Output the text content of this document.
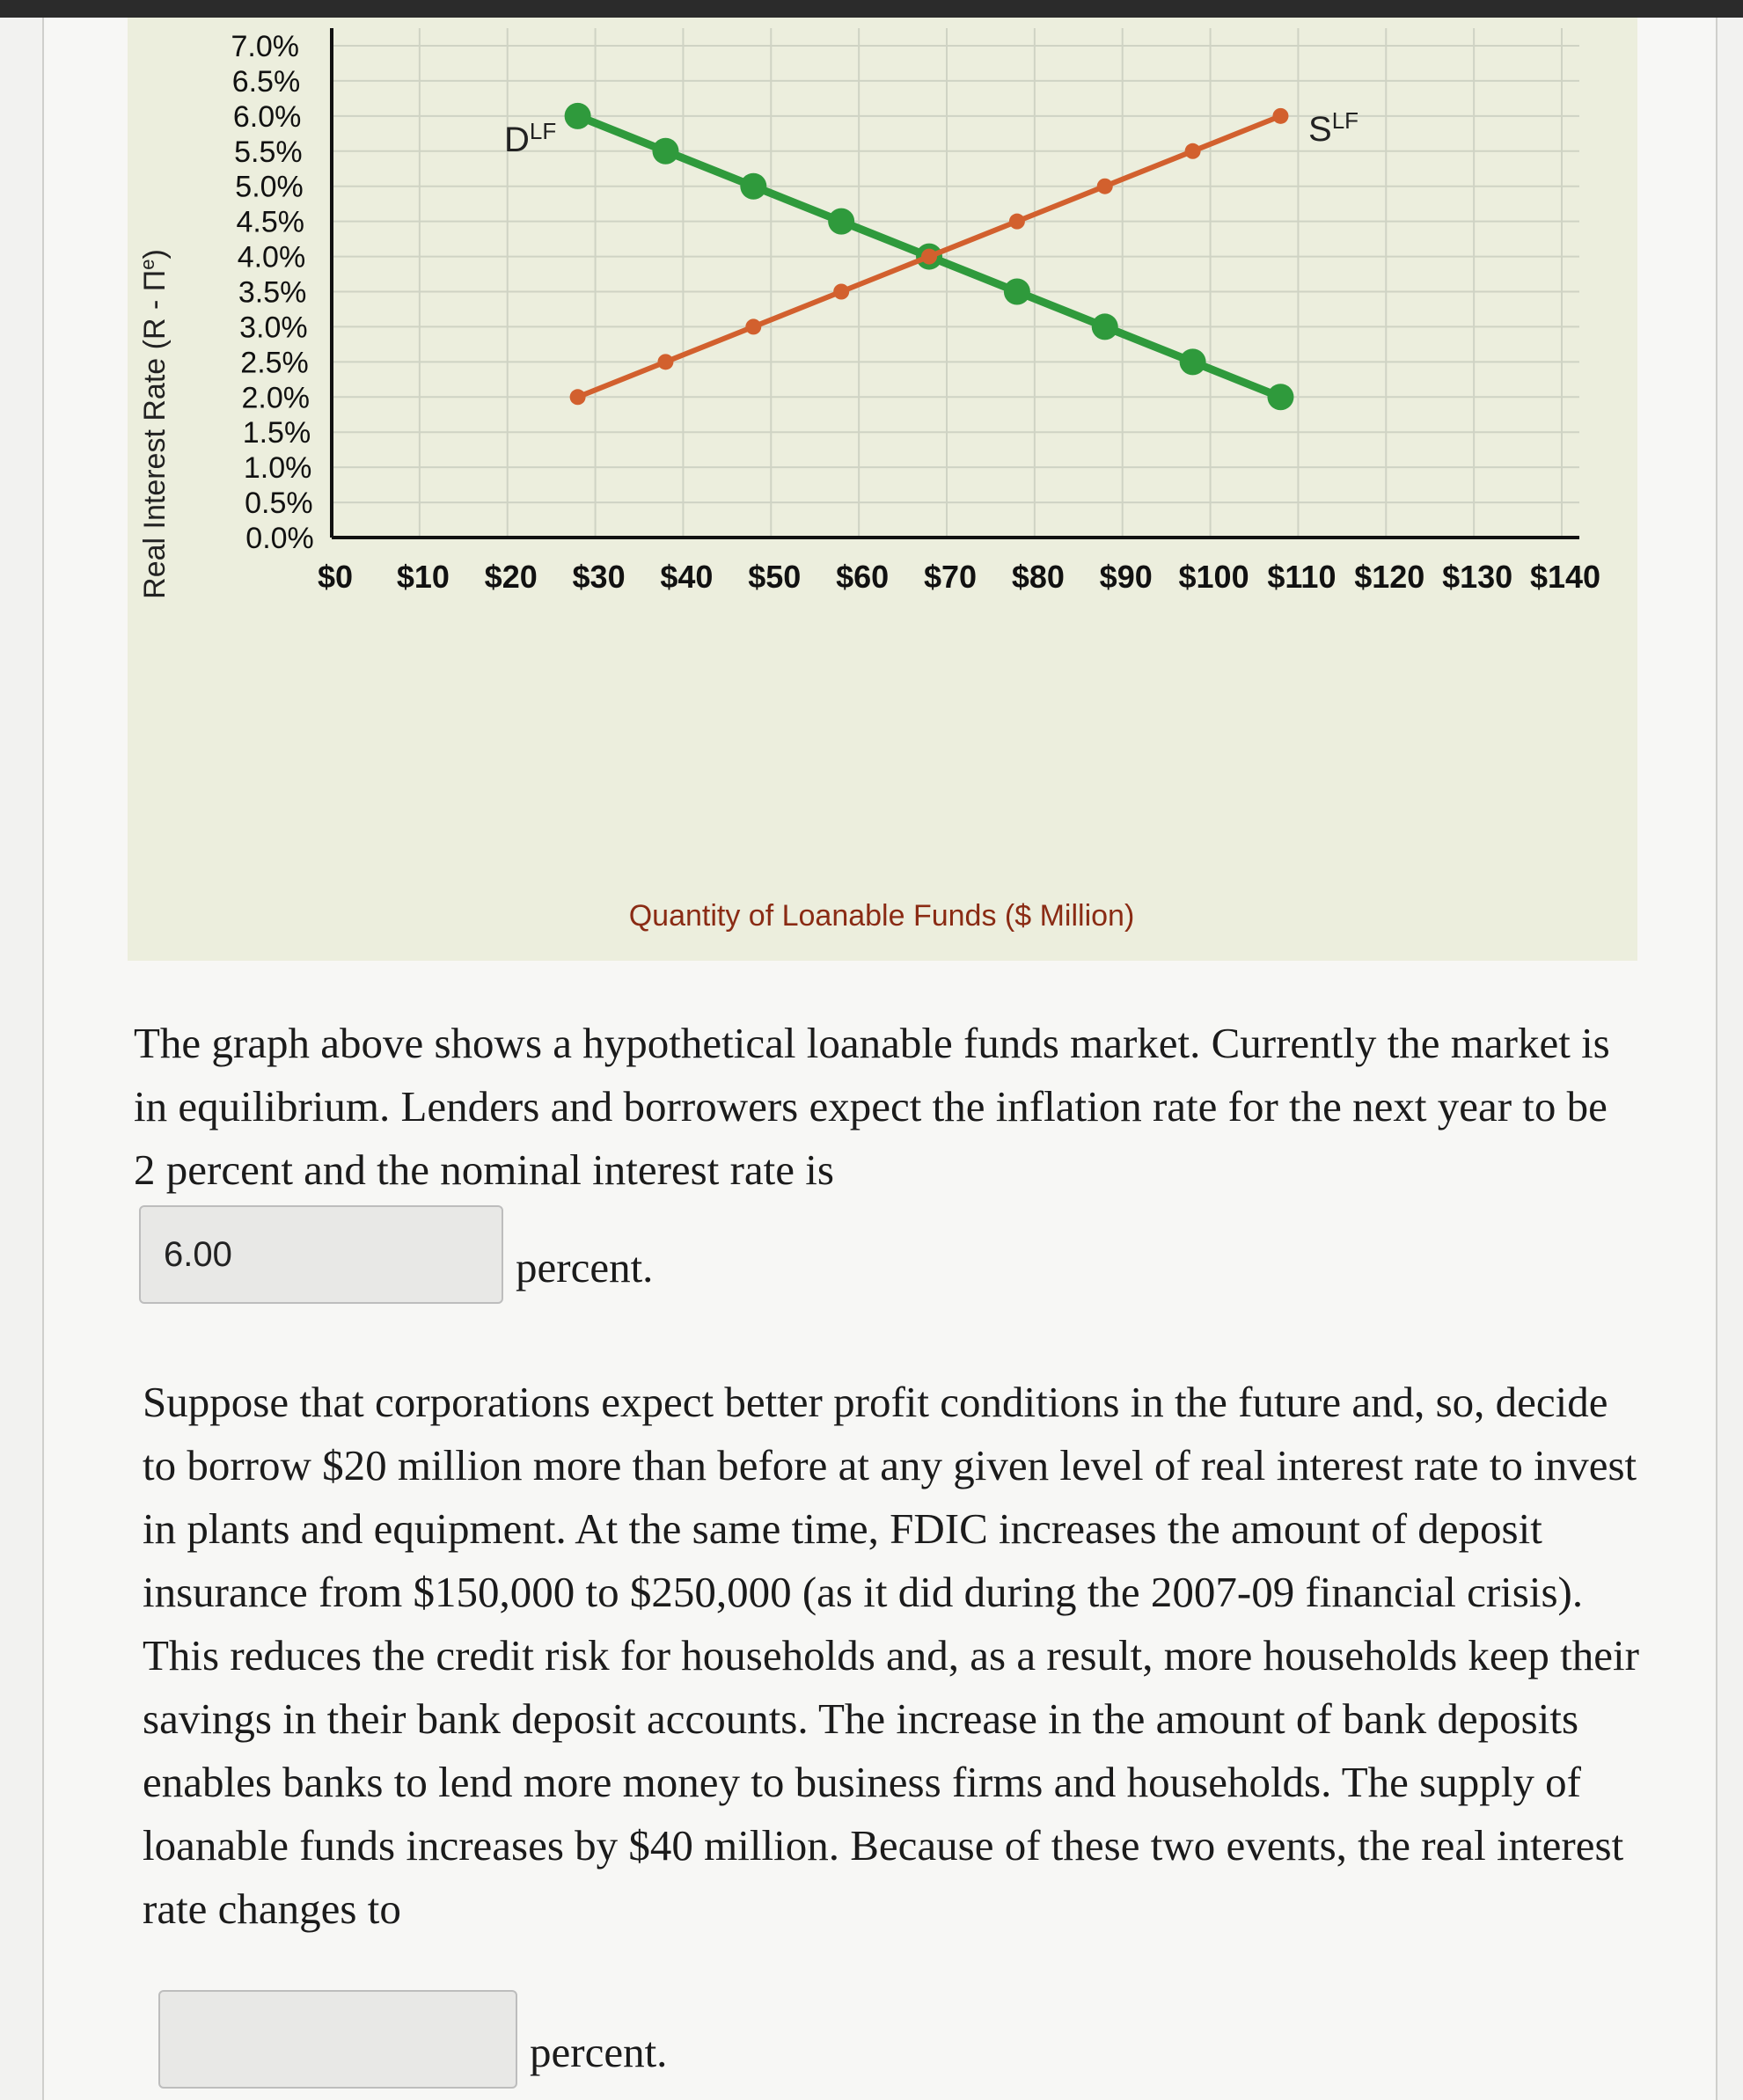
0.0%
0.5%
1.0%
1.5%
2.0%
2.5%
3.0%
3.5%
4.0%
4.5%
5.0%
5.5%
6.0%
6.5%
7.0%
$0 $10 $20 $30 $40 $50 $60 $70 $80 $90 $100 $110 $120 $130 $140
Real Interest Rate $(R - \Pi^e)$
Quantity of Loanable Funds ($ Million)
$D^{LF}$	$S^{LF}$

The graph above shows a hypothetical loanable funds market. Currently the market is in equilibrium. Lenders and borrowers expect the inflation rate for the next year to be 2 percent and the nominal interest rate is

6.00	percent.

Suppose that corporations expect better profit conditions in the future and, so, decide to borrow $20 million more than before at any given level of real interest rate to invest in plants and equipment. At the same time, FDIC increases the amount of deposit insurance from $150,000 to $250,000 (as it did during the 2007-09 financial crisis). This reduces the credit risk for households and, as a result, more households keep their savings in their bank deposit accounts. The increase in the amount of bank deposits enables banks to lend more money to business firms and households. The supply of loanable funds increases by $40 million. Because of these two events, the real interest rate changes to

percent.
